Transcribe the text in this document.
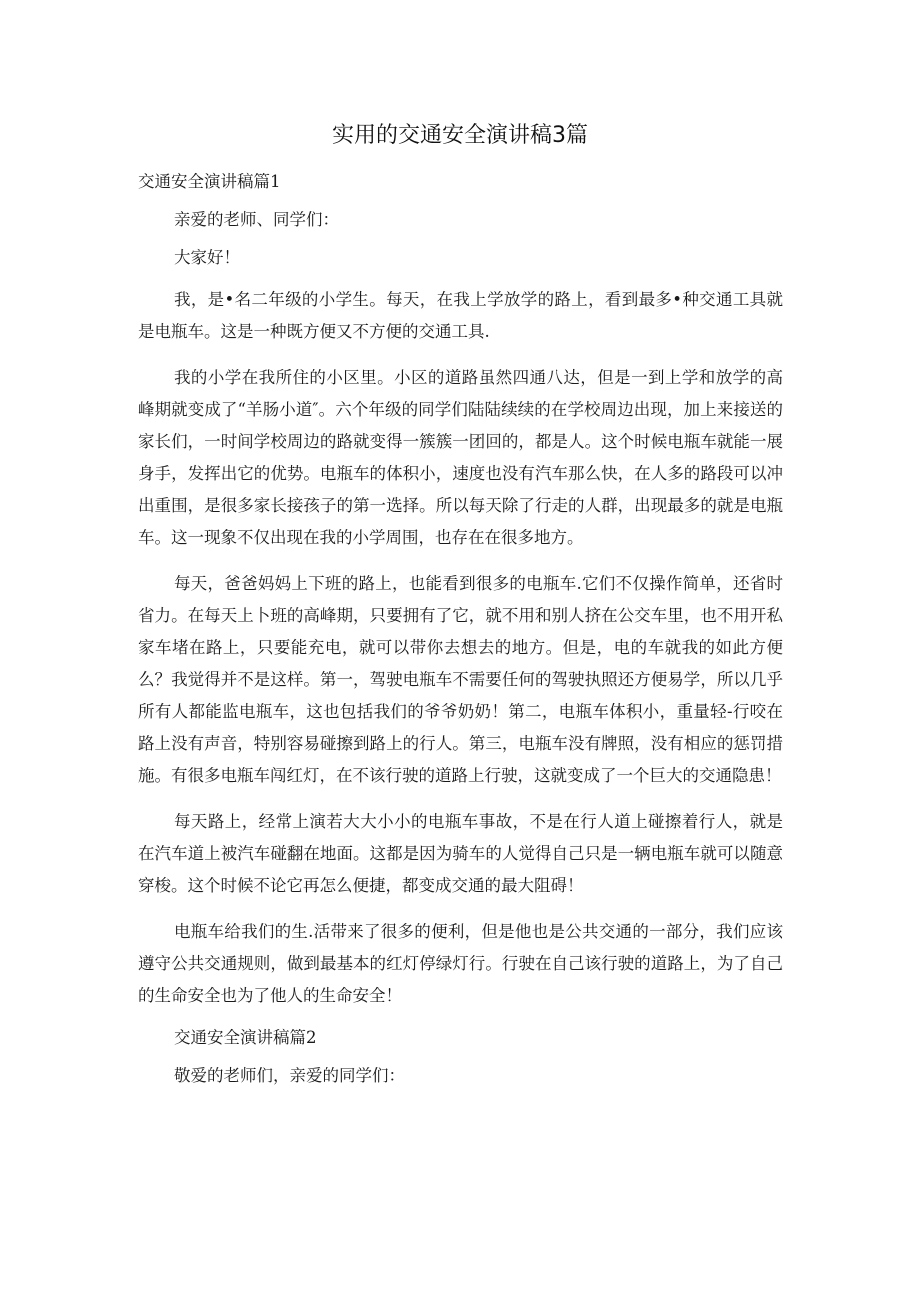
实用的交通安全演讲稿3篇

交通安全演讲稿篇1

亲爱的老师、同学们：

大家好！

我，是•名二年级的小学生。每天，在我上学放学的路上，看到最多•种交通工具就是电瓶车。这是一种既方便又不方便的交通工具.

我的小学在我所住的小区里。小区的道路虽然四通八达，但是一到上学和放学的高峰期就变成了“羊肠小道″。六个年级的同学们陆陆续续的在学校周边出现，加上来接送的家长们，一时间学校周边的路就变得一簇簇一团回的，都是人。这个时候电瓶车就能一展身手，发挥出它的优势。电瓶车的体积小，速度也没有汽车那么快，在人多的路段可以冲出重围，是很多家长接孩子的第一选择。所以每天除了行走的人群，出现最多的就是电瓶车。这一现象不仅出现在我的小学周围，也存在在很多地方。

每天，爸爸妈妈上下班的路上，也能看到很多的电瓶车.它们不仅操作简单，还省时省力。在每天上卜班的高峰期，只要拥有了它，就不用和别人挤在公交车里，也不用开私家车堵在路上，只要能充电，就可以带你去想去的地方。但是，电的车就我的如此方便么？我觉得并不是这样。第一，驾驶电瓶车不需要任何的驾驶执照还方便易学，所以几乎所有人都能监电瓶车，这也包括我们的爷爷奶奶！第二，电瓶车体积小，重量轻-行咬在路上没有声音，特别容易碰擦到路上的行人。第三，电瓶车没有牌照，没有相应的惩罚措施。有很多电瓶车闯红灯，在不该行驶的道路上行驶，这就变成了一个巨大的交通隐患！

每天路上，经常上演若大大小小的电瓶车事故，不是在行人道上碰擦着行人，就是在汽车道上被汽车碰翻在地面。这都是因为骑车的人觉得自己只是一辆电瓶车就可以随意穿梭。这个时候不论它再怎么便捷，都变成交通的最大阻碍！

电瓶车给我们的生.活带来了很多的便利，但是他也是公共交通的一部分，我们应该遵守公共交通规则，做到最基本的红灯停绿灯行。行驶在自己该行驶的道路上，为了自己的生命安全也为了他人的生命安全！

交通安全演讲稿篇2

敬爱的老师们，亲爱的同学们：
